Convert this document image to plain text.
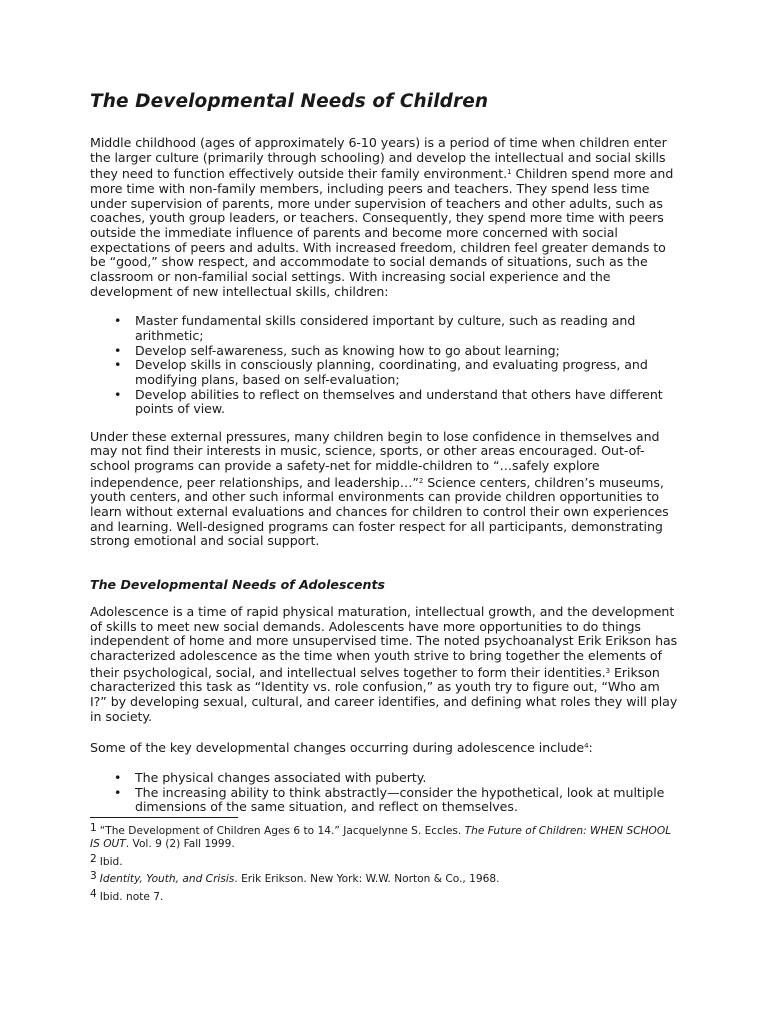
The Developmental Needs of Children

Middle childhood (ages of approximately 6-10 years) is a period of time when children enter the larger culture (primarily through schooling) and develop the intellectual and social skills they need to function effectively outside their family environment.$^1$ Children spend more and more time with non-family members, including peers and teachers. They spend less time under supervision of parents, more under supervision of teachers and other adults, such as coaches, youth group leaders, or teachers. Consequently, they spend more time with peers outside the immediate influence of parents and become more concerned with social expectations of peers and adults. With increased freedom, children feel greater demands to be “good,” show respect, and accommodate to social demands of situations, such as the classroom or non-familial social settings. With increasing social experience and the development of new intellectual skills, children:

• Master fundamental skills considered important by culture, such as reading and arithmetic;
• Develop self-awareness, such as knowing how to go about learning;
• Develop skills in consciously planning, coordinating, and evaluating progress, and modifying plans, based on self-evaluation;
• Develop abilities to reflect on themselves and understand that others have different points of view.

Under these external pressures, many children begin to lose confidence in themselves and may not find their interests in music, science, sports, or other areas encouraged. Out-of-school programs can provide a safety-net for middle-children to “…safely explore independence, peer relationships, and leadership…”$^2$ Science centers, children’s museums, youth centers, and other such informal environments can provide children opportunities to learn without external evaluations and chances for children to control their own experiences and learning. Well-designed programs can foster respect for all participants, demonstrating strong emotional and social support.

The Developmental Needs of Adolescents

Adolescence is a time of rapid physical maturation, intellectual growth, and the development of skills to meet new social demands. Adolescents have more opportunities to do things independent of home and more unsupervised time. The noted psychoanalyst Erik Erikson has characterized adolescence as the time when youth strive to bring together the elements of their psychological, social, and intellectual selves together to form their identities.$^3$ Erikson characterized this task as “Identity vs. role confusion,” as youth try to figure out, “Who am I?” by developing sexual, cultural, and career identifies, and defining what roles they will play in society.

Some of the key developmental changes occurring during adolescence include$^4$:

• The physical changes associated with puberty.
• The increasing ability to think abstractly—consider the hypothetical, look at multiple dimensions of the same situation, and reflect on themselves.
$^1$ “The Development of Children Ages 6 to 14.” Jacquelynne S. Eccles. The Future of Children: WHEN SCHOOL IS OUT. Vol. 9 (2) Fall 1999.
$^2$ Ibid.
$^3$ Identity, Youth, and Crisis. Erik Erikson. New York: W.W. Norton & Co., 1968.
$^4$ Ibid. note 7.
